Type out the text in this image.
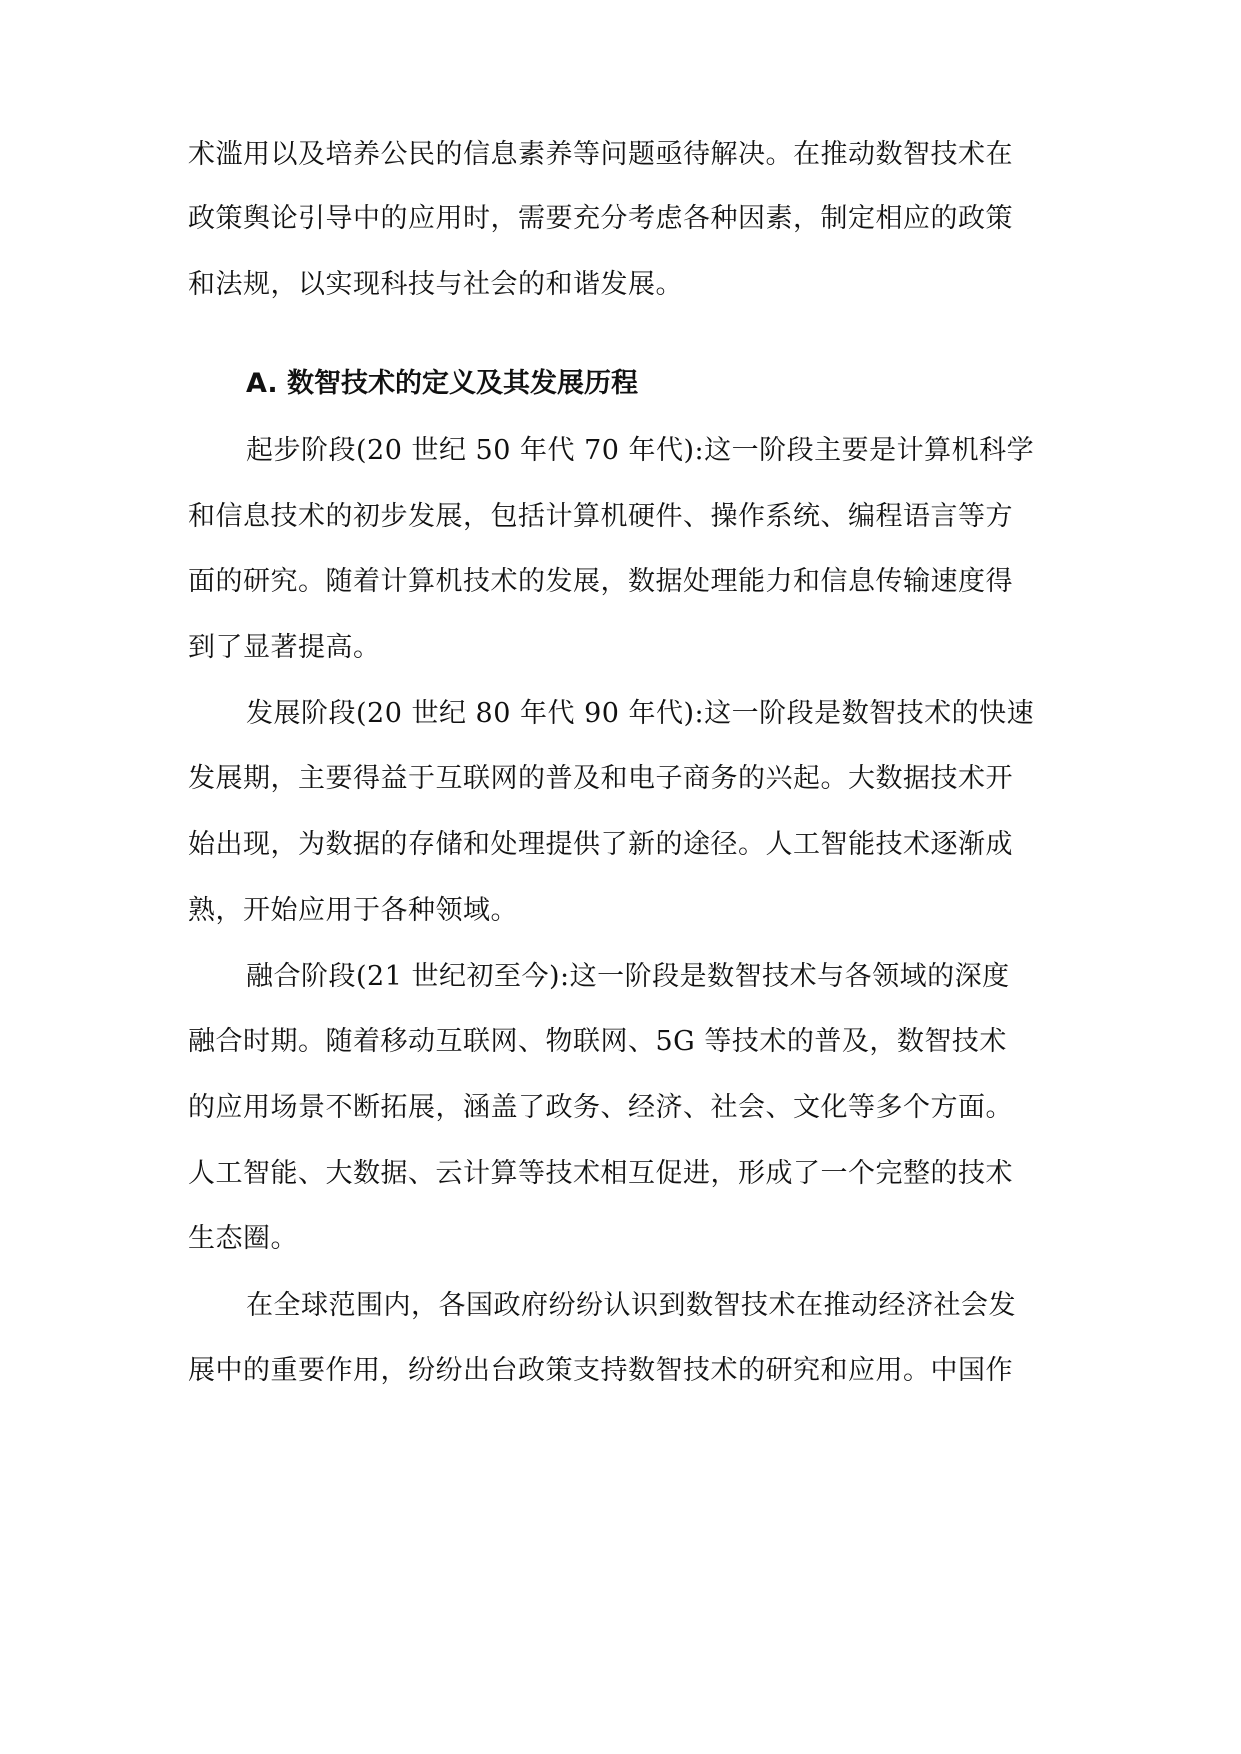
术滥用以及培养公民的信息素养等问题亟待解决。在推动数智技术在

政策舆论引导中的应用时，需要充分考虑各种因素，制定相应的政策

和法规，以实现科技与社会的和谐发展。

A. 数智技术的定义及其发展历程

起步阶段(20 世纪 50 年代 70 年代):这一阶段主要是计算机科学

和信息技术的初步发展，包括计算机硬件、操作系统、编程语言等方

面的研究。随着计算机技术的发展，数据处理能力和信息传输速度得

到了显著提高。

发展阶段(20 世纪 80 年代 90 年代):这一阶段是数智技术的快速

发展期，主要得益于互联网的普及和电子商务的兴起。大数据技术开

始出现，为数据的存储和处理提供了新的途径。人工智能技术逐渐成

熟，开始应用于各种领域。

融合阶段(21 世纪初至今):这一阶段是数智技术与各领域的深度

融合时期。随着移动互联网、物联网、5G 等技术的普及，数智技术

的应用场景不断拓展，涵盖了政务、经济、社会、文化等多个方面。

人工智能、大数据、云计算等技术相互促进，形成了一个完整的技术

生态圈。

在全球范围内，各国政府纷纷认识到数智技术在推动经济社会发

展中的重要作用，纷纷出台政策支持数智技术的研究和应用。中国作
